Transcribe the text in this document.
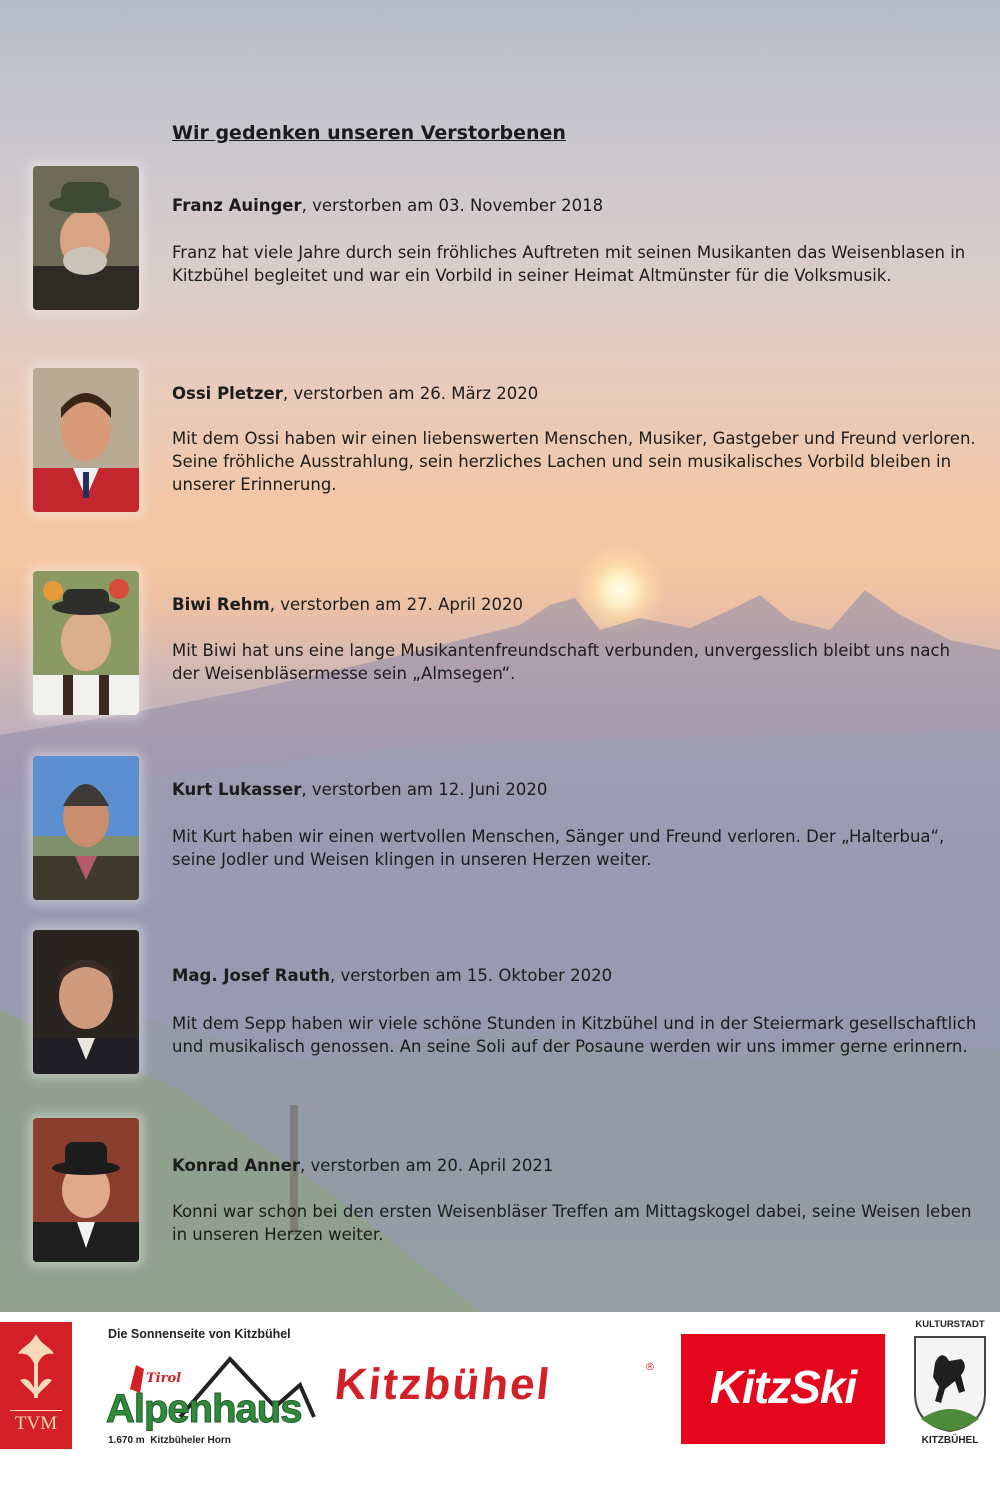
Wir gedenken unseren Verstorbenen

Franz Auinger, verstorben am 03. November 2018

Franz hat viele Jahre durch sein fröhliches Auftreten mit seinen Musikanten das Weisenblasen in
Kitzbühel begleitet und war ein Vorbild in seiner Heimat Altmünster für die Volksmusik.

Ossi Pletzer, verstorben am 26. März 2020

Mit dem Ossi haben wir einen liebenswerten Menschen, Musiker, Gastgeber und Freund verloren.
Seine fröhliche Ausstrahlung, sein herzliches Lachen und sein musikalisches Vorbild bleiben in
unserer Erinnerung.

Biwi Rehm, verstorben am 27. April 2020

Mit Biwi hat uns eine lange Musikantenfreundschaft verbunden, unvergesslich bleibt uns nach
der Weisenbläsermesse sein „Almsegen“.

Kurt Lukasser, verstorben am 12. Juni 2020

Mit Kurt haben wir einen wertvollen Menschen, Sänger und Freund verloren. Der „Halterbua“,
seine Jodler und Weisen klingen in unseren Herzen weiter.

Mag. Josef Rauth, verstorben am 15. Oktober 2020

Mit dem Sepp haben wir viele schöne Stunden in Kitzbühel und in der Steiermark gesellschaftlich
und musikalisch genossen. An seine Soli auf der Posaune werden wir uns immer gerne erinnern.

Konrad Anner, verstorben am 20. April 2021

Konni war schon bei den ersten Weisenbläser Treffen am Mittagskogel dabei, seine Weisen leben
in unseren Herzen weiter.

TVM
Die Sonnenseite von Kitzbühel
Tirol
Alpenhaus
1.670 m Kitzbüheler Horn
Kitzbühel	®	KitzSki
KULTURSTADT
KITZBÜHEL
